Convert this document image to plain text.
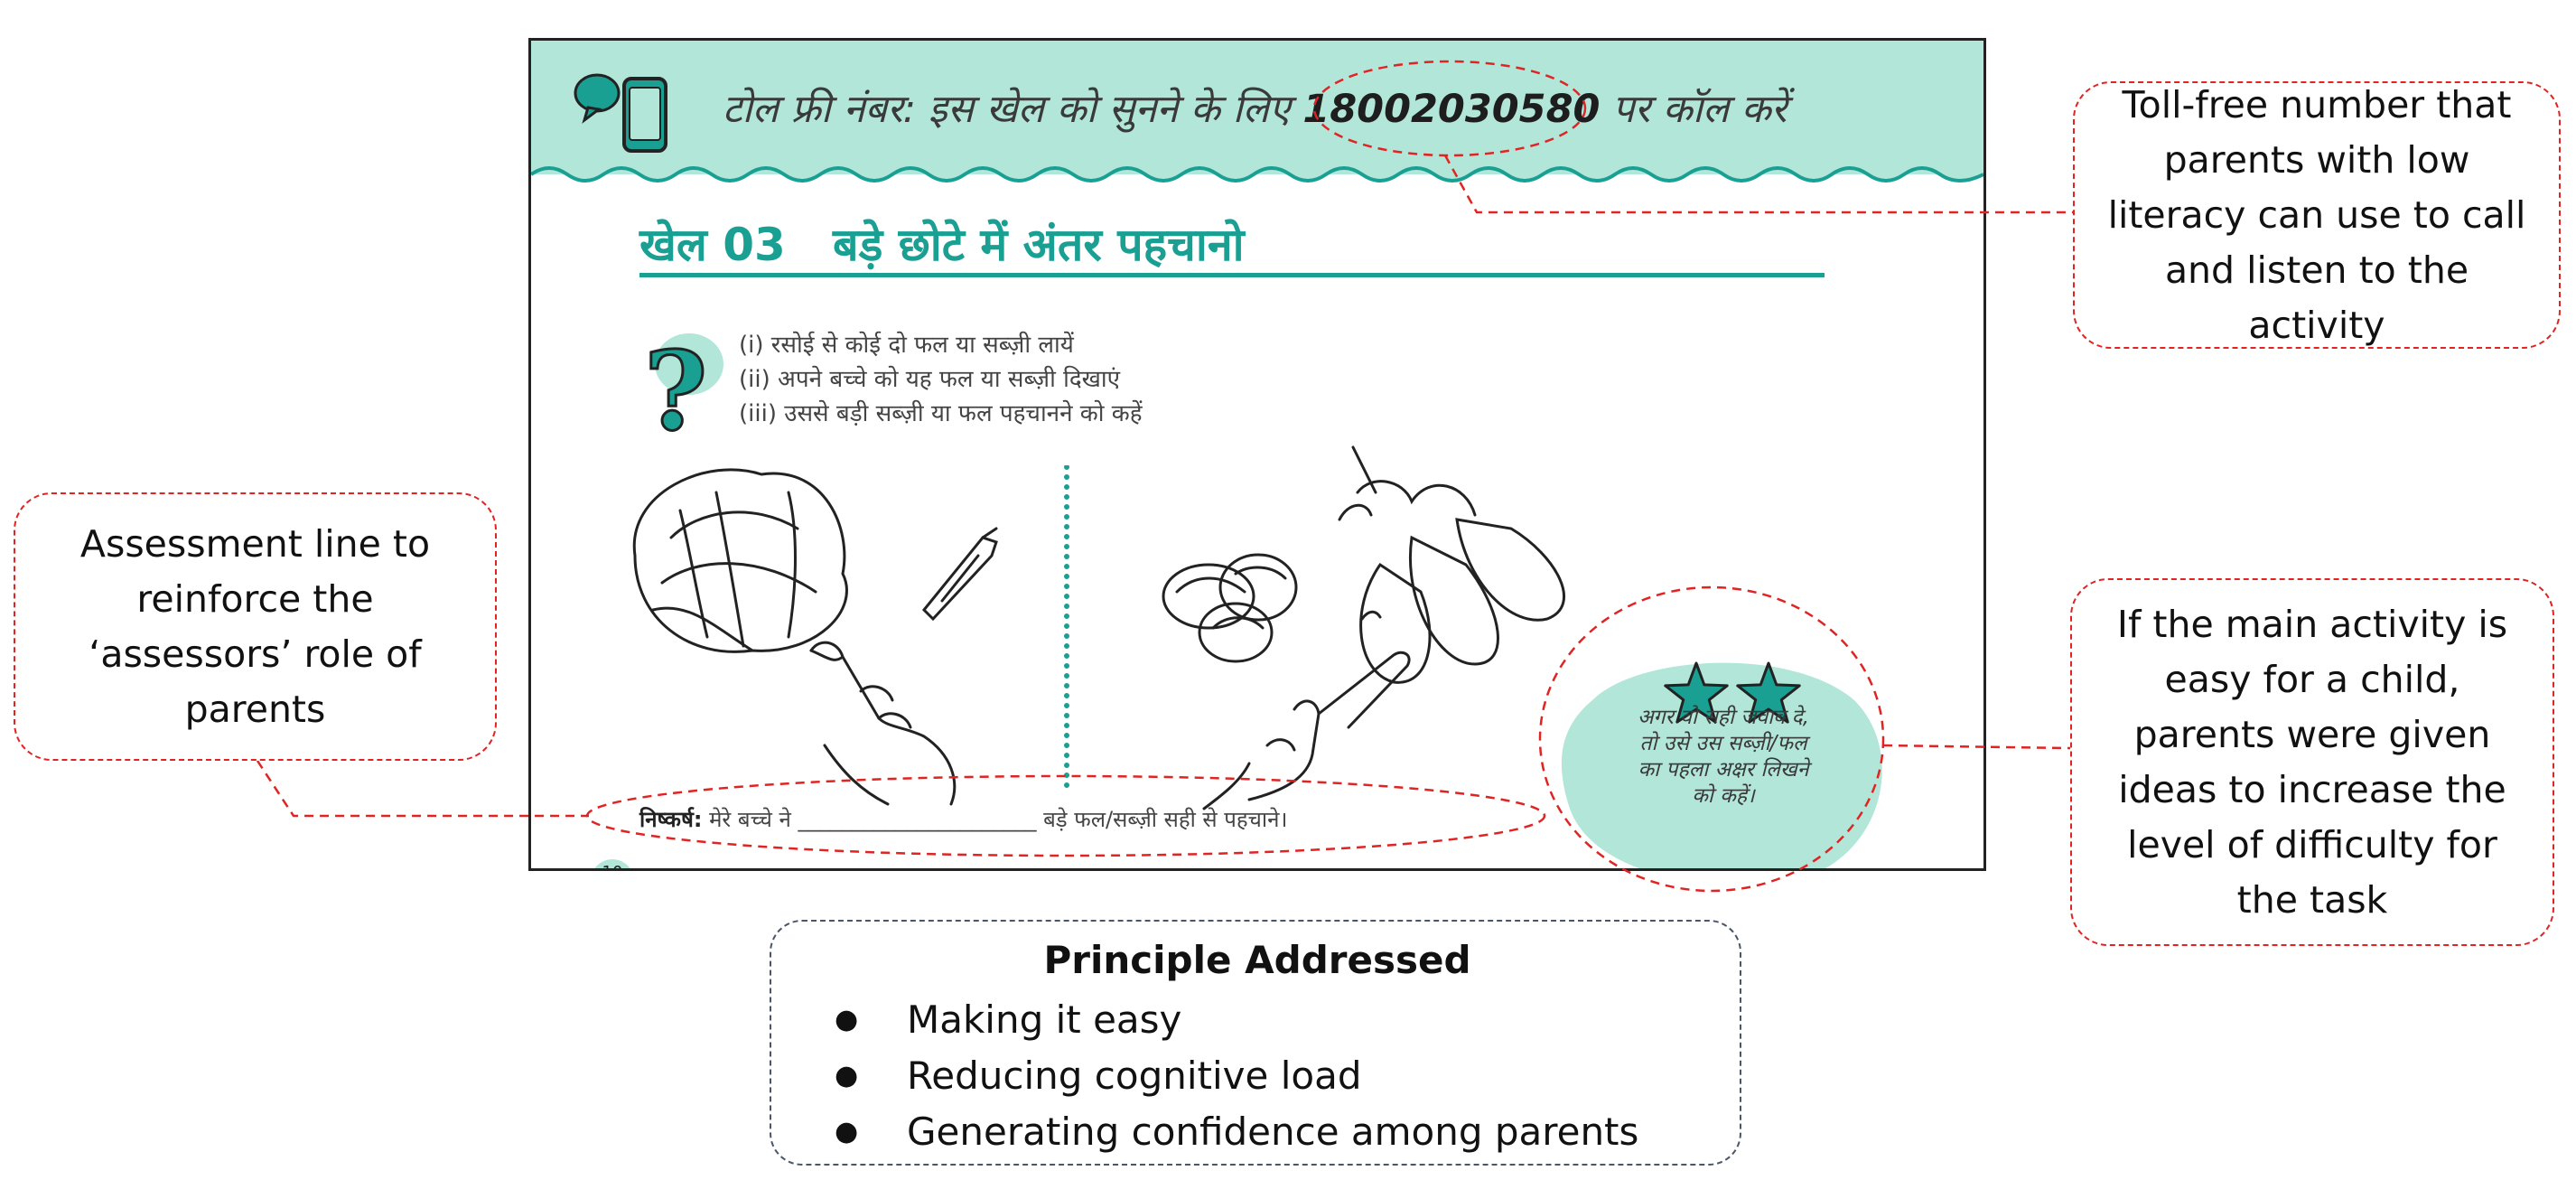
टोल फ्री नंबर: इस खेल को सुनने के लिए 18002030580 पर कॉल करें
खेल 03 बड़े छोटे में अंतर पहचानो
? (i) रसोई से कोई दो फल या सब्ज़ी लायें
(ii) अपने बच्चे को यह फल या सब्ज़ी दिखाएं
(iii) उससे बड़ी सब्ज़ी या फल पहचानने को कहें
अगर वो सही जवाब दे,
तो उसे उस सब्ज़ी/फल
का पहला अक्षर लिखने
को कहें।
निष्कर्ष: मेरे बच्चे ने ______________________ बड़े फल/सब्ज़ी सही से पहचाने।
10
Toll-free number that
parents with low
literacy can use to call
and listen to the
activity
Assessment line to
reinforce the
‘assessors’ role of
parents
If the main activity is
easy for a child,
parents were given
ideas to increase the
level of difficulty for
the task
Principle Addressed
● Making it easy
● Reducing cognitive load
● Generating confidence among parents
